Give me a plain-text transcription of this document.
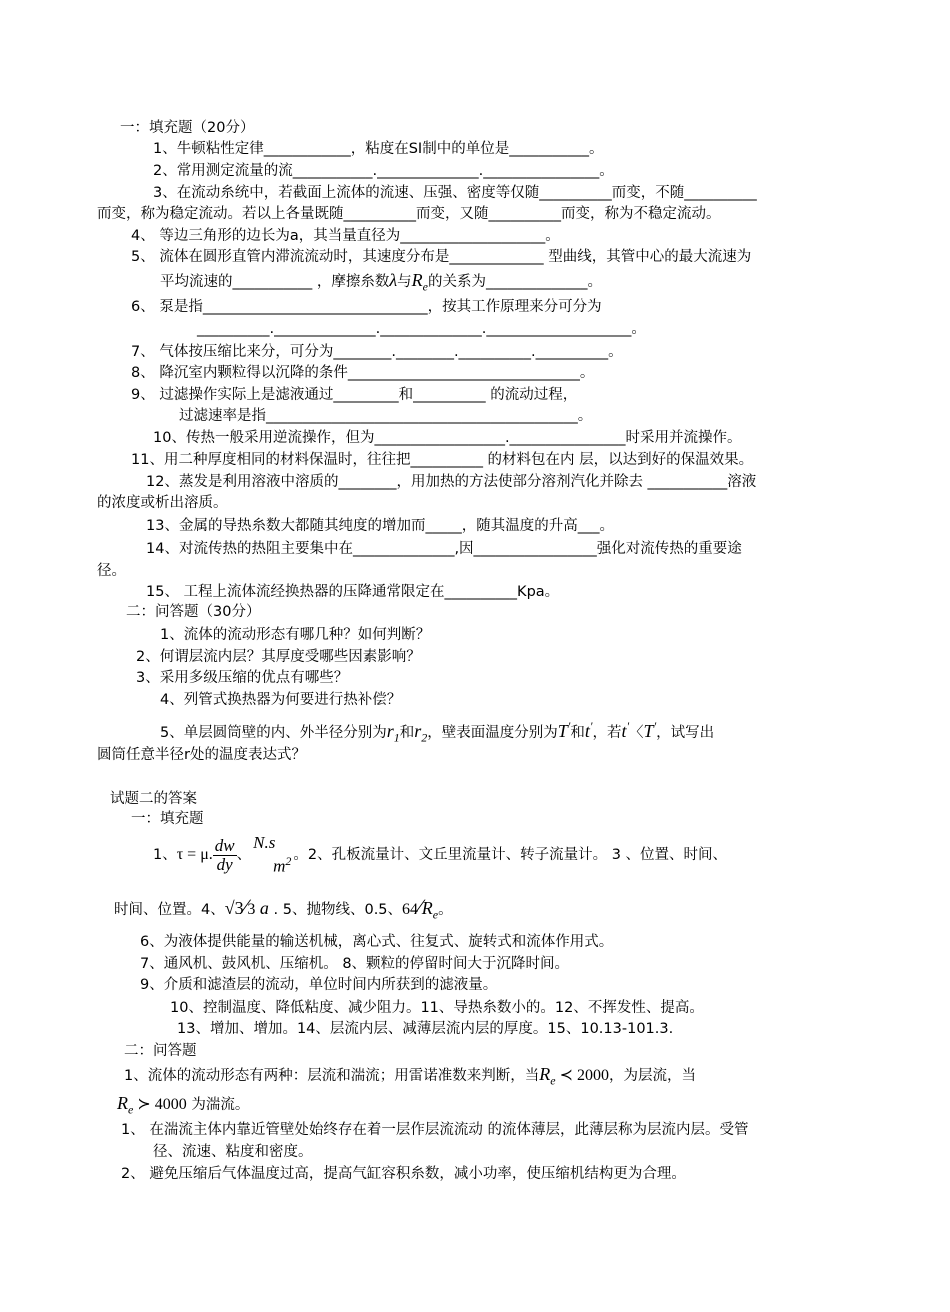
一：填充题（20分）
1、牛顿粘性定律____________，粘度在SI制中的单位是___________。
2、常用测定流量的流___________.______________.________________。
3、在流动糸统中，若截面上流体的流速、压强、密度等仅随__________而变，不随__________
而变，称为稳定流动。若以上各量既随__________而变，又随__________而变，称为不稳定流动。
4、 等边三角形的边长为a，其当量直径为____________________。
5、 流体在圆形直管内滞流流动时，其速度分布是_____________ 型曲线，其管中心的最大流速为
平均流速的___________ ，摩擦糸数λ与$R_e$的关系为______________。
6、 泵是指_______________________________，按其工作原理来分可分为
__________.______________.______________.____________________。
7、 气体按压缩比来分，可分为________.________.__________.__________。
8、 降沉室内颗粒得以沉降的条件________________________________。
9、 过滤操作实际上是滤液通过_________和__________ 的流动过程，
过滤速率是指___________________________________________。
10、传热一般采用逆流操作，但为__________________.________________时采用并流操作。
11、用二种厚度相同的材料保温时，往往把__________ 的材料包在内 层，以达到好的保温效果。
12、蒸发是利用溶液中溶质的________，用加热的方法使部分溶剂汽化并除去 ___________溶液
的浓度或析出溶质。
13、金属的导热糸数大都随其纯度的增加而_____，随其温度的升高___。
14、对流传热的热阻主要集中在______________,因_________________强化对流传热的重要途
径。
15、 工程上流体流经换热器的压降通常限定在__________Kpa。
二：问答题（30分）
1、流体的流动形态有哪几种？如何判断？
2、何谓层流内层？其厚度受哪些因素影响？
3、采用多级压缩的优点有哪些？
4、列管式换热器为何要进行热补偿？
5、单层圆筒壁的内、外半径分别为$r_1$和$r_2$，壁表面温度分别为T'和t'，若t'〈T'，试写出
圆筒任意半径r处的温度表达式？
试题二的答案
一：填充题
1、τ = μ. $\frac{dw}{dy}$ 、
N.s
$m^2$ 。2、孔板流量计、文丘里流量计、转子流量计。 3 、位置、时间、
时间、位置。4、√3∕3 a . 5、抛物线、0.5、$64∕R_e$。
6、为液体提供能量的输送机械，离心式、往复式、旋转式和流体作用式。
7、通风机、鼓风机、压缩机。 8、颗粒的停留时间大于沉降时间。
9、介质和滤渣层的流动，单位时间内所获到的滤液量。
10、控制温度、降低粘度、减少阻力。11、导热糸数小的。12、不挥发性、提高。
13、增加、增加。14、层流内层、减薄层流内层的厚度。15、10.13-101.3.
二：问答题
1、流体的流动形态有两种：层流和湍流；用雷诺准数来判断，当$R_e$ ≺ 2000，为层流，当
$R_e$ ≻ 4000 为湍流。
1、 在湍流主体内靠近管壁处始终存在着一层作层流流动 的流体薄层，此薄层称为层流内层。受管
径、流速、粘度和密度。
2、 避免压缩后气体温度过高，提高气缸容积糸数，减小功率，使压缩机结构更为合理。
